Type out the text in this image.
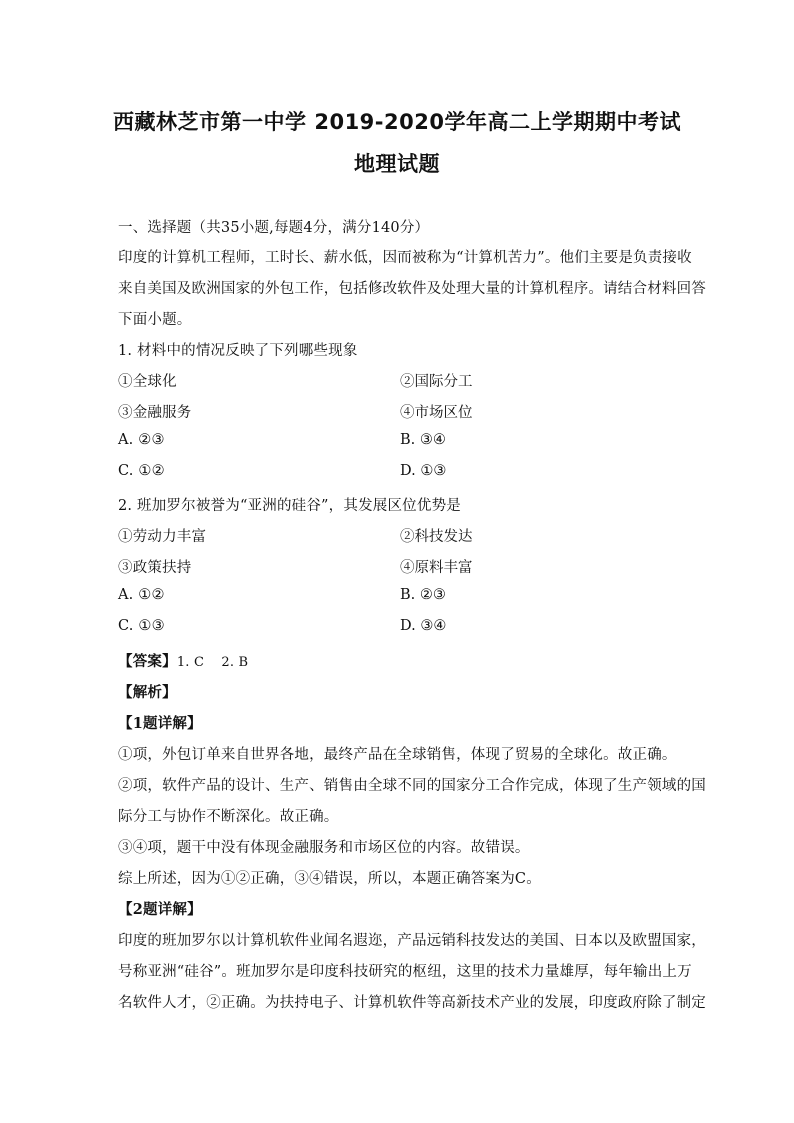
西藏林芝市第一中学 2019-2020学年高二上学期期中考试
地理试题
一、选择题（共35小题,每题4分，满分140分）
印度的计算机工程师，工时长、薪水低，因而被称为“计算机苦力”。他们主要是负责接收
来自美国及欧洲国家的外包工作，包括修改软件及处理大量的计算机程序。请结合材料回答
下面小题。
1. 材料中的情况反映了下列哪些现象
①全球化	②国际分工
③金融服务	④市场区位
A. ②③	B. ③④
C. ①②	D. ①③
2. 班加罗尔被誉为“亚洲的硅谷”，其发展区位优势是
①劳动力丰富	②科技发达
③政策扶持	④原料丰富
A. ①②	B. ②③
C. ①③	D. ③④
【答案】1. C    2. B
【解析】
【1题详解】
①项，外包订单来自世界各地，最终产品在全球销售，体现了贸易的全球化。故正确。
②项，软件产品的设计、生产、销售由全球不同的国家分工合作完成，体现了生产领域的国
际分工与协作不断深化。故正确。
③④项，题干中没有体现金融服务和市场区位的内容。故错误。
综上所述，因为①②正确，③④错误，所以，本题正确答案为C。
【2题详解】
印度的班加罗尔以计算机软件业闻名遐迩，产品远销科技发达的美国、日本以及欧盟国家，
号称亚洲“硅谷”。班加罗尔是印度科技研究的枢纽，这里的技术力量雄厚，每年输出上万
名软件人才，②正确。为扶持电子、计算机软件等高新技术产业的发展，印度政府除了制定
